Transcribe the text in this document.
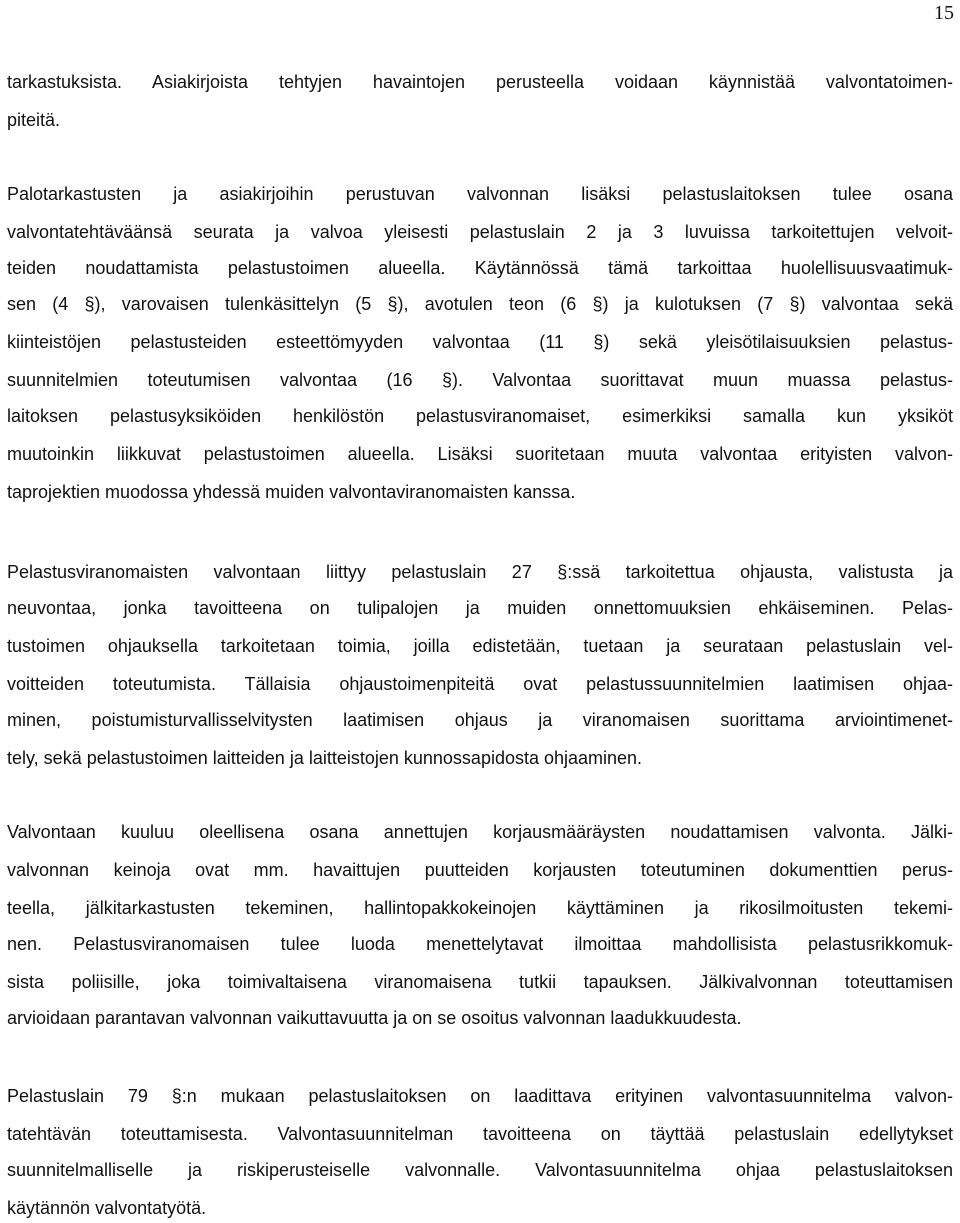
15
tarkastuksista. Asiakirjoista tehtyjen havaintojen perusteella voidaan käynnistää valvontatoimen-
piteitä.
Palotarkastusten ja asiakirjoihin perustuvan valvonnan lisäksi pelastuslaitoksen tulee osana
valvontatehtäväänsä seurata ja valvoa yleisesti pelastuslain 2 ja 3 luvuissa tarkoitettujen velvoit-
teiden noudattamista pelastustoimen alueella. Käytännössä tämä tarkoittaa huolellisuusvaatimuk-
sen (4 §), varovaisen tulenkäsittelyn (5 §), avotulen teon (6 §) ja kulotuksen (7 §) valvontaa sekä
kiinteistöjen pelastusteiden esteettömyyden valvontaa (11 §) sekä yleisötilaisuuksien pelastus-
suunnitelmien toteutumisen valvontaa (16 §). Valvontaa suorittavat muun muassa pelastus-
laitoksen pelastusyksiköiden henkilöstön pelastusviranomaiset, esimerkiksi samalla kun yksiköt
muutoinkin liikkuvat pelastustoimen alueella. Lisäksi suoritetaan muuta valvontaa erityisten valvon-
taprojektien muodossa yhdessä muiden valvontaviranomaisten kanssa.
Pelastusviranomaisten valvontaan liittyy pelastuslain 27 §:ssä tarkoitettua ohjausta, valistusta ja
neuvontaa, jonka tavoitteena on tulipalojen ja muiden onnettomuuksien ehkäiseminen. Pelas-
tustoimen ohjauksella tarkoitetaan toimia, joilla edistetään, tuetaan ja seurataan pelastuslain vel-
voitteiden toteutumista. Tällaisia ohjaustoimenpiteitä ovat pelastussuunnitelmien laatimisen ohjaa-
minen, poistumisturvallisselvitysten laatimisen ohjaus ja viranomaisen suorittama arviointimenet-
tely, sekä pelastustoimen laitteiden ja laitteistojen kunnossapidosta ohjaaminen.
Valvontaan kuuluu oleellisena osana annettujen korjausmääräysten noudattamisen valvonta. Jälki-
valvonnan keinoja ovat mm. havaittujen puutteiden korjausten toteutuminen dokumenttien perus-
teella, jälkitarkastusten tekeminen, hallintopakkokeinojen käyttäminen ja rikosilmoitusten tekemi-
nen. Pelastusviranomaisen tulee luoda menettelytavat ilmoittaa mahdollisista pelastusrikkomuk-
sista poliisille, joka toimivaltaisena viranomaisena tutkii tapauksen. Jälkivalvonnan toteuttamisen
arvioidaan parantavan valvonnan vaikuttavuutta ja on se osoitus valvonnan laadukkuudesta.
Pelastuslain 79 §:n mukaan pelastuslaitoksen on laadittava erityinen valvontasuunnitelma valvon-
tatehtävän toteuttamisesta. Valvontasuunnitelman tavoitteena on täyttää pelastuslain edellytykset
suunnitelmalliselle ja riskiperusteiselle valvonnalle. Valvontasuunnitelma ohjaa pelastuslaitoksen
käytännön valvontatyötä.
